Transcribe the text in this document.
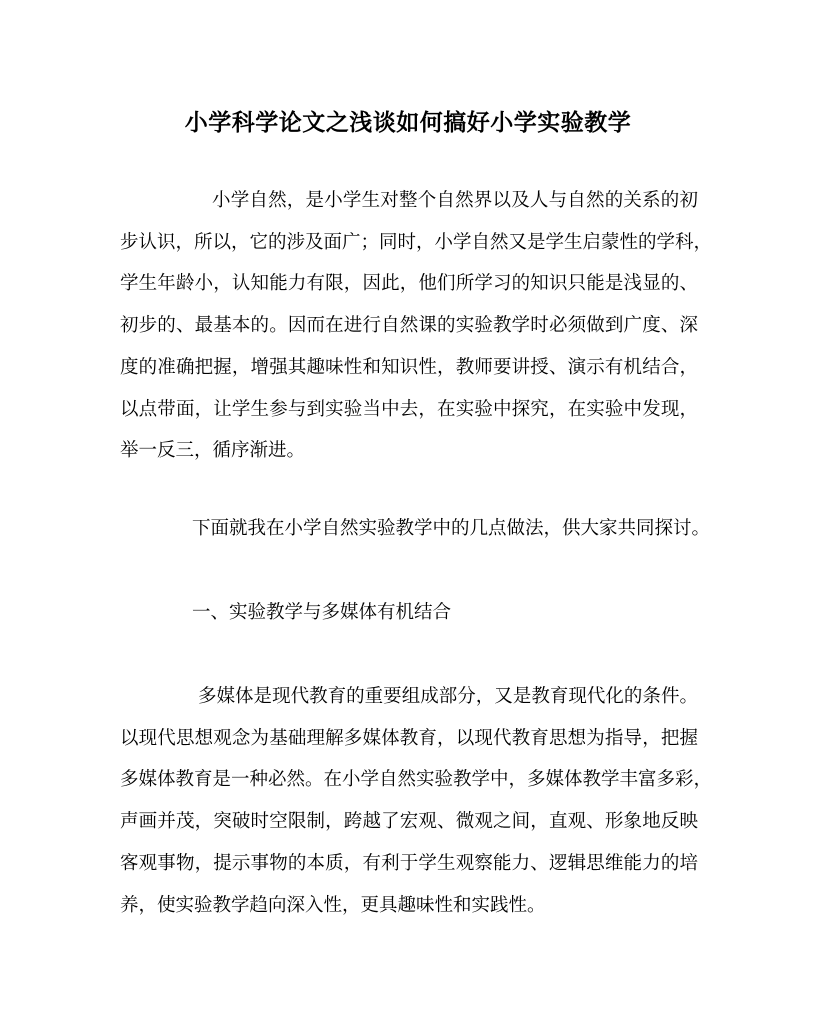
小学科学论文之浅谈如何搞好小学实验教学
小学自然，是小学生对整个自然界以及人与自然的关系的初
步认识，所以，它的涉及面广；同时，小学自然又是学生启蒙性的学科，
学生年龄小，认知能力有限，因此，他们所学习的知识只能是浅显的、
初步的、最基本的。因而在进行自然课的实验教学时必须做到广度、深
度的准确把握，增强其趣味性和知识性，教师要讲授、演示有机结合，
以点带面，让学生参与到实验当中去，在实验中探究，在实验中发现，
举一反三，循序渐进。
下面就我在小学自然实验教学中的几点做法，供大家共同探讨。
一、实验教学与多媒体有机结合
多媒体是现代教育的重要组成部分，又是教育现代化的条件。
以现代思想观念为基础理解多媒体教育，以现代教育思想为指导，把握
多媒体教育是一种必然。在小学自然实验教学中，多媒体教学丰富多彩，
声画并茂，突破时空限制，跨越了宏观、微观之间，直观、形象地反映
客观事物，提示事物的本质，有利于学生观察能力、逻辑思维能力的培
养，使实验教学趋向深入性，更具趣味性和实践性。
